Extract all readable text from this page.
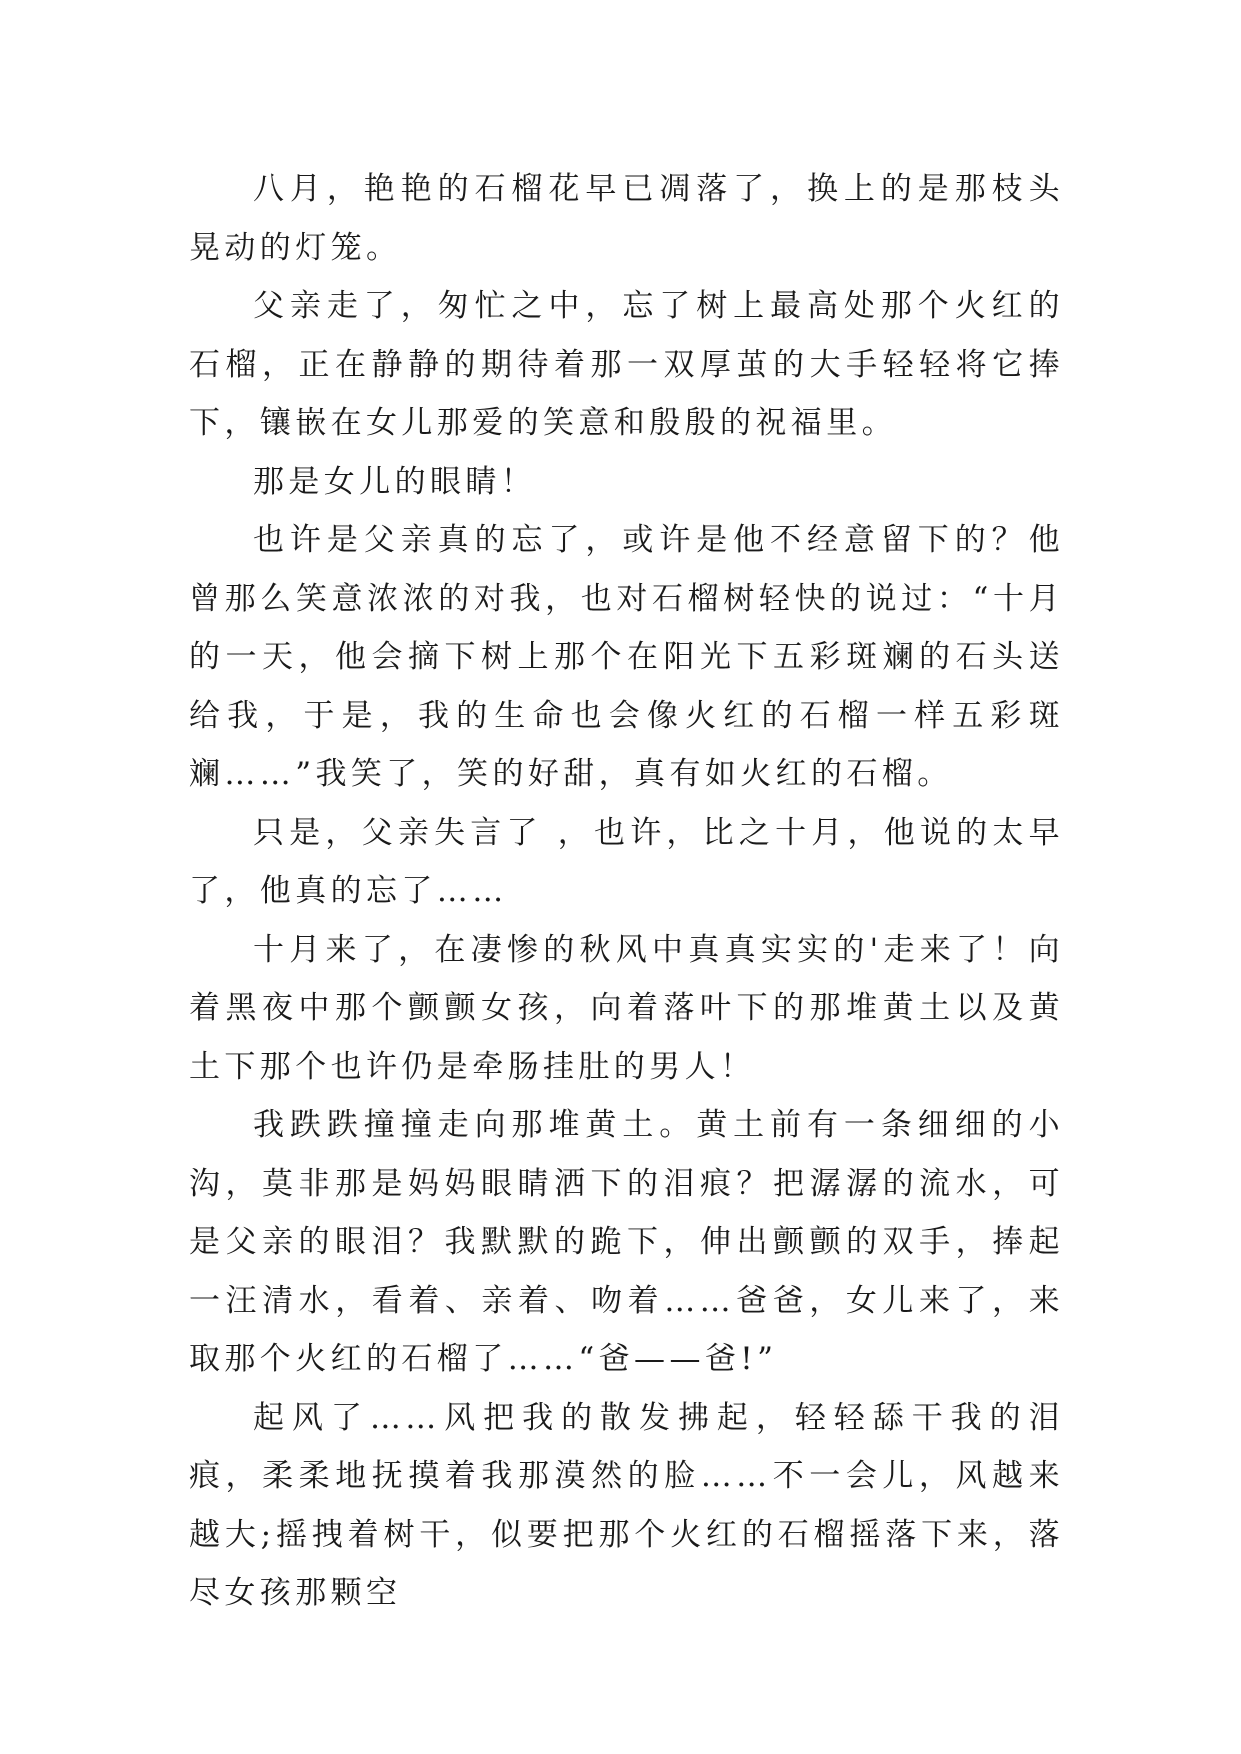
八月，艳艳的石榴花早已凋落了，换上的是那枝头晃动的灯笼。

父亲走了，匆忙之中，忘了树上最高处那个火红的石榴，正在静静的期待着那一双厚茧的大手轻轻将它捧下，镶嵌在女儿那爱的笑意和殷殷的祝福里。

那是女儿的眼睛！

也许是父亲真的忘了，或许是他不经意留下的？他曾那么笑意浓浓的对我，也对石榴树轻快的说过：“十月的一天，他会摘下树上那个在阳光下五彩斑斓的石头送给我，于是，我的生命也会像火红的石榴一样五彩斑斓……”我笑了，笑的好甜，真有如火红的石榴。

只是，父亲失言了 ，也许，比之十月，他说的太早了，他真的忘了……

十月来了，在凄惨的秋风中真真实实的'走来了！向着黑夜中那个颤颤女孩，向着落叶下的那堆黄土以及黄土下那个也许仍是牵肠挂肚的男人！

我跌跌撞撞走向那堆黄土。黄土前有一条细细的小沟，莫非那是妈妈眼睛洒下的泪痕？把潺潺的流水，可是父亲的眼泪？我默默的跪下，伸出颤颤的双手，捧起一汪清水，看着、亲着、吻着……爸爸，女儿来了，来取那个火红的石榴了……“爸——爸!”

起风了……风把我的散发拂起，轻轻舔干我的泪痕，柔柔地抚摸着我那漠然的脸……不一会儿，风越来越大;摇拽着树干，似要把那个火红的石榴摇落下来，落尽女孩那颗空
